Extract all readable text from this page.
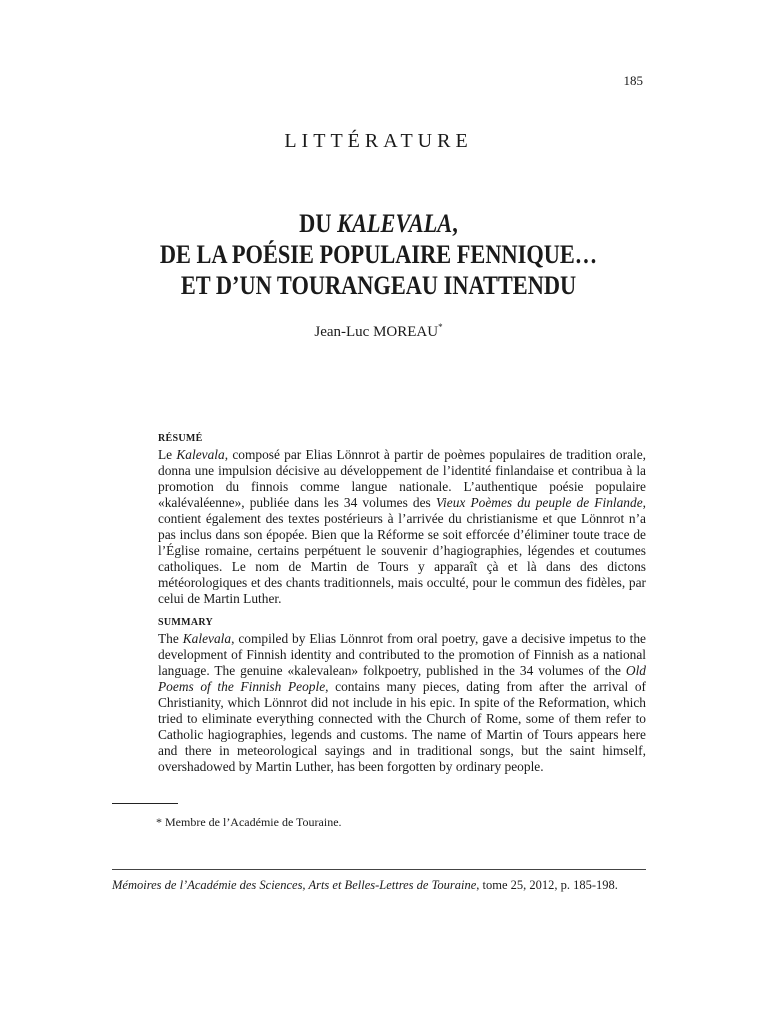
185
LITTÉRATURE
DU KALEVALA,
DE LA POÉSIE POPULAIRE FENNIQUE…
ET D’UN TOURANGEAU INATTENDU
Jean-Luc MOREAU*
RÉSUMÉ
Le Kalevala, composé par Elias Lönnrot à partir de poèmes populaires de tradition orale, donna une impulsion décisive au développement de l’identité finlandaise et contribua à la promotion du finnois comme langue nationale. L’authentique poésie populaire «kalévaléenne», publiée dans les 34 volumes des Vieux Poèmes du peuple de Finlande, contient également des textes postérieurs à l’arrivée du christianisme et que Lönnrot n’a pas inclus dans son épopée. Bien que la Réforme se soit efforcée d’éliminer toute trace de l’Église romaine, certains perpétuent le souvenir d’hagiographies, légendes et coutumes catholiques. Le nom de Martin de Tours y apparaît çà et là dans des dictons météorologiques et des chants traditionnels, mais occulté, pour le commun des fidèles, par celui de Martin Luther.
SUMMARY
The Kalevala, compiled by Elias Lönnrot from oral poetry, gave a decisive impetus to the development of Finnish identity and contributed to the promotion of Finnish as a national language. The genuine «kalevalean» folkpoetry, published in the 34 volumes of the Old Poems of the Finnish People, contains many pieces, dating from after the arrival of Christianity, which Lönnrot did not include in his epic. In spite of the Reformation, which tried to eliminate everything connected with the Church of Rome, some of them refer to Catholic hagiographies, legends and customs. The name of Martin of Tours appears here and there in meteorological sayings and in traditional songs, but the saint himself, overshadowed by Martin Luther, has been forgotten by ordinary people.
* Membre de l’Académie de Touraine.
Mémoires de l’Académie des Sciences, Arts et Belles-Lettres de Touraine, tome 25, 2012, p. 185-198.
